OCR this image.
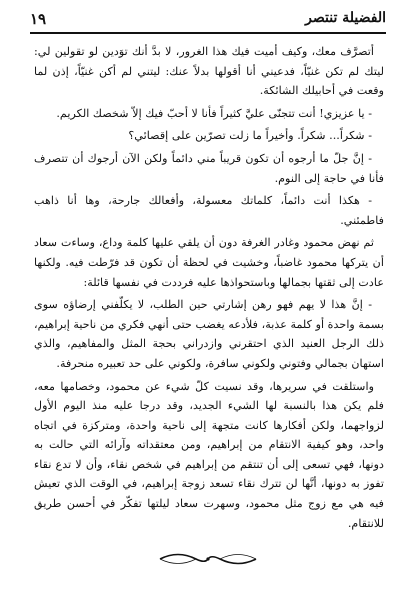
١٩	الفضيلة تنتصر

أتصرَّف معك، وكيف أميت فيك هذا الغرور، لا بدَّ أنك توَدين لو تقولين لي: ليتك لم تكن غنيّاً، فدعيني أنا أقولها بدلاً عنك: ليتني لم أكن غنيّاً، إذن لما وقعت في أحابيلك الشائكة.

- يا عزيزي! أنت تتجنّى عليَّ كثيراً فأنا لا أحبّ فيك إلاّ شخصك الكريم.

- شكراً... شكراً. وأخيراً ما زلت تصرّين على إقصائي؟

- إنَّ جلّ ما أرجوه أن تكون قريباً مني دائماً ولكن الآن أرجوك أن تتصرف فأنا في حاجة إلى النوم.

- هكذا أنت دائماً، كلماتك معسولة، وأفعالك جارحة، وها أنا ذاهب فاطمئني.

ثم نهض محمود وغادر الغرفة دون أن يلقي عليها كلمة وداع، وساءت سعاد أن يتركها محمود غاضباً، وخشيت في لحظة أن تكون قد فرّطت فيه. ولكنها عادت إلى ثقتها بجمالها وباستحواذها عليه فرددت في نفسها قائلة:

- إنَّ هذا لا يهم فهو رهن إشارتي حين الطلب، لا يكلّفني إرضاؤه سوى بسمة واحدة أو كلمة عذبة، فلأدعه يغضب حتى أنهي فكري من ناحية إبراهيم، ذلك الرجل العنيد الذي احتقرني وازدراني بحجة المثل والمفاهيم، والذي استهان بجمالي وفتوني ولكوني سافرة، ولكوني على حد تعبيره منحرفة.

واستلقت في سريرها، وقد نسيت كلّ شيء عن محمود، وخصامها معه، فلم يكن هذا بالنسبة لها الشيء الجديد، وقد درجا عليه منذ اليوم الأول لزواجهما، ولكن أفكارها كانت متجهة إلى ناحية واحدة، ومتركزة في اتجاه واحد، وهو كيفية الانتقام من إبراهيم، ومن معتقداته وآرائه التي حالت به دونها، فهي تسعى إلى أن تنتقم من إبراهيم في شخص نقاء، وأن لا تدع نقاء تفوز به دونها، أنَّها لن تترك نقاء تسعد زوجة إبراهيم، في الوقت الذي تعيش فيه هي مع زوج مثل محمود، وسهرت سعاد ليلتها تفكّر في أحسن طريق للانتقام.
